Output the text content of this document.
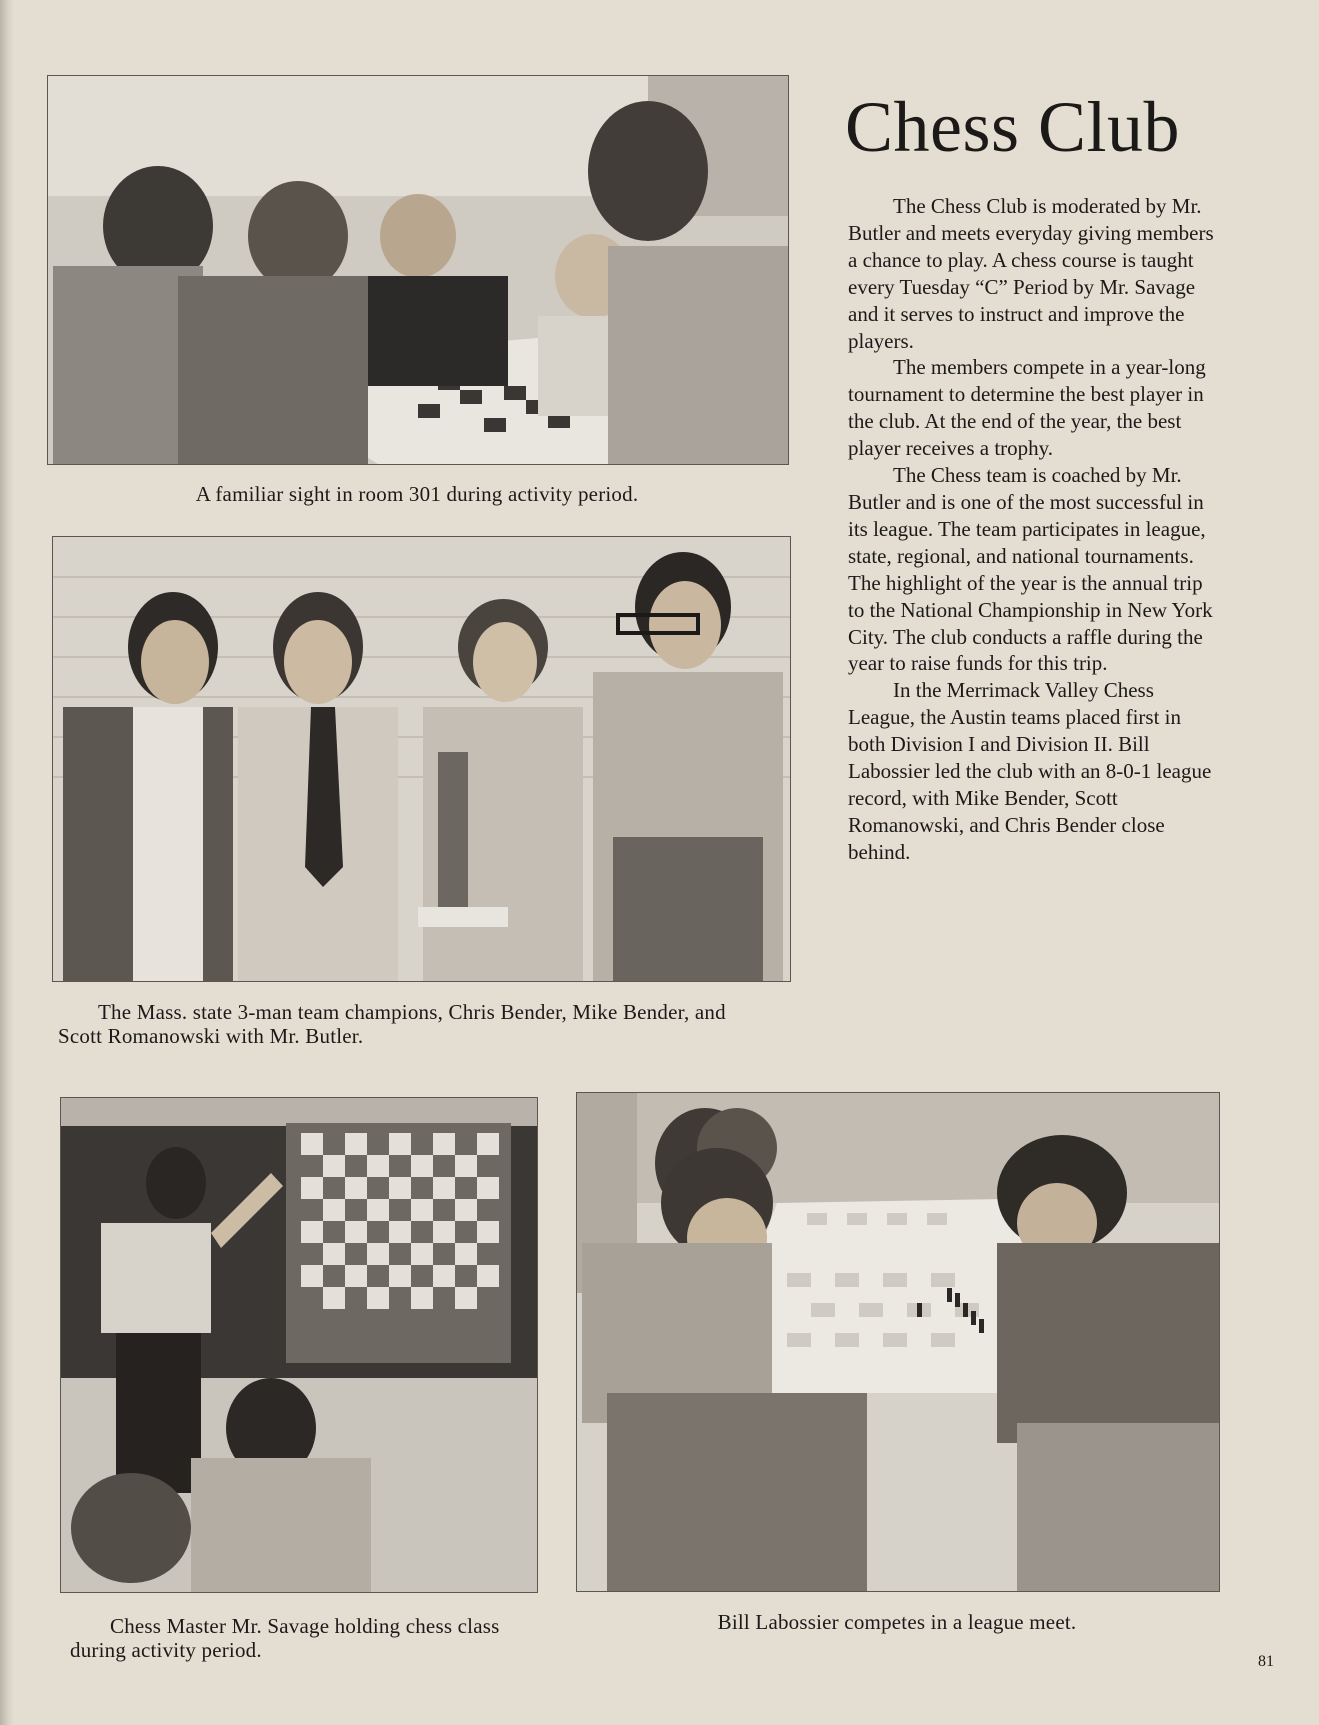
A familiar sight in room 301 during activity period.

The Mass. state 3-man team champions, Chris Bender, Mike Bender, and Scott Romanowski with Mr. Butler.

Chess Club

The Chess Club is moderated by Mr. Butler and meets everyday giving members a chance to play. A chess course is taught every Tuesday “C” Period by Mr. Savage and it serves to instruct and improve the players.

The members compete in a year-long tournament to determine the best player in the club. At the end of the year, the best player receives a trophy.

The Chess team is coached by Mr. Butler and is one of the most successful in its league. The team participates in league, state, regional, and national tournaments. The highlight of the year is the annual trip to the National Championship in New York City. The club conducts a raffle during the year to raise funds for this trip.

In the Merrimack Valley Chess League, the Austin teams placed first in both Division I and Division II. Bill Labossier led the club with an 8-0-1 league record, with Mike Bender, Scott Romanowski, and Chris Bender close behind.

Chess Master Mr. Savage holding chess class during activity period.

Bill Labossier competes in a league meet.

81
